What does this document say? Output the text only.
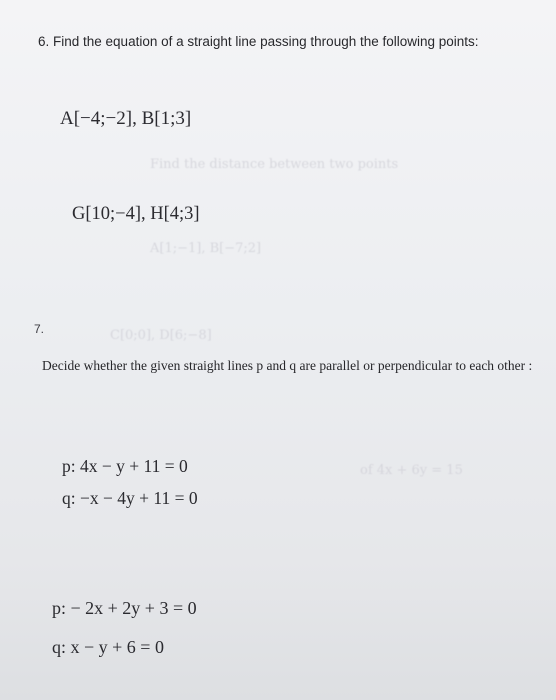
Find the distance between two points
A[1;−1], B[−7;2]
C[0;0], D[6;−8]
of 4x + 6y = 15
6. Find the equation of a straight line passing through the following points:
A[−4;−2], B[1;3]
G[10;−4], H[4;3]
7.
Decide whether the given straight lines p and q are parallel or perpendicular to each other :
p: 4x − y + 11 = 0
q: −x − 4y + 11 = 0
p: − 2x + 2y + 3 = 0
q: x − y + 6 = 0
